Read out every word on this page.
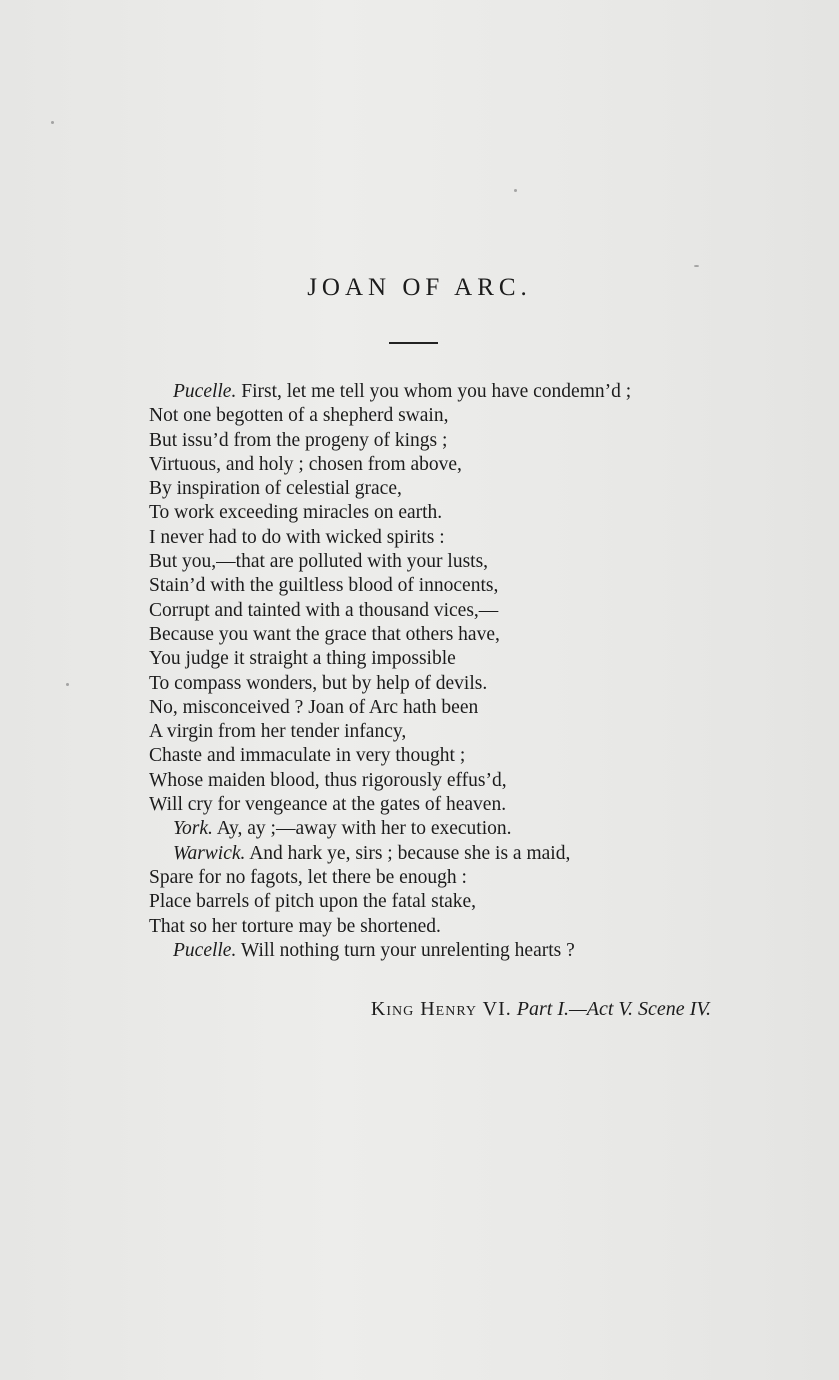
JOAN OF ARC.
Pucelle. First, let me tell you whom you have condemn’d ;
Not one begotten of a shepherd swain,
But issu’d from the progeny of kings ;
Virtuous, and holy ; chosen from above,
By inspiration of celestial grace,
To work exceeding miracles on earth.
I never had to do with wicked spirits :
But you,—that are polluted with your lusts,
Stain’d with the guiltless blood of innocents,
Corrupt and tainted with a thousand vices,—
Because you want the grace that others have,
You judge it straight a thing impossible
To compass wonders, but by help of devils.
No, misconceived ? Joan of Arc hath been
A virgin from her tender infancy,
Chaste and immaculate in very thought ;
Whose maiden blood, thus rigorously effus’d,
Will cry for vengeance at the gates of heaven.
York. Ay, ay ;—away with her to execution.
Warwick. And hark ye, sirs ; because she is a maid,
Spare for no fagots, let there be enough :
Place barrels of pitch upon the fatal stake,
That so her torture may be shortened.
Pucelle. Will nothing turn your unrelenting hearts ?
King Henry VI. Part I.—Act V. Scene IV.
